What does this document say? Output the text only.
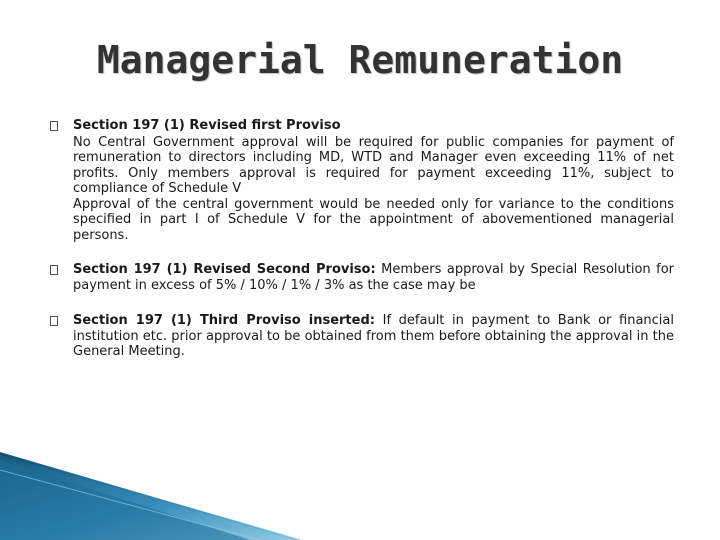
Managerial Remuneration
Section 197 (1) Revised first Proviso
No Central Government approval will be required for public companies for payment of remuneration to directors including MD, WTD and Manager even exceeding 11% of net profits. Only members approval is required for payment exceeding 11%, subject to compliance of Schedule V
Approval of the central government would be needed only for variance to the conditions specified in part I of Schedule V for the appointment of abovementioned managerial persons.
Section 197 (1) Revised Second Proviso: Members approval by Special Resolution for payment in excess of 5% / 10% / 1% / 3% as the case may be
Section 197 (1) Third Proviso inserted: If default in payment to Bank or financial institution etc. prior approval to be obtained from them before obtaining the approval in the General Meeting.
